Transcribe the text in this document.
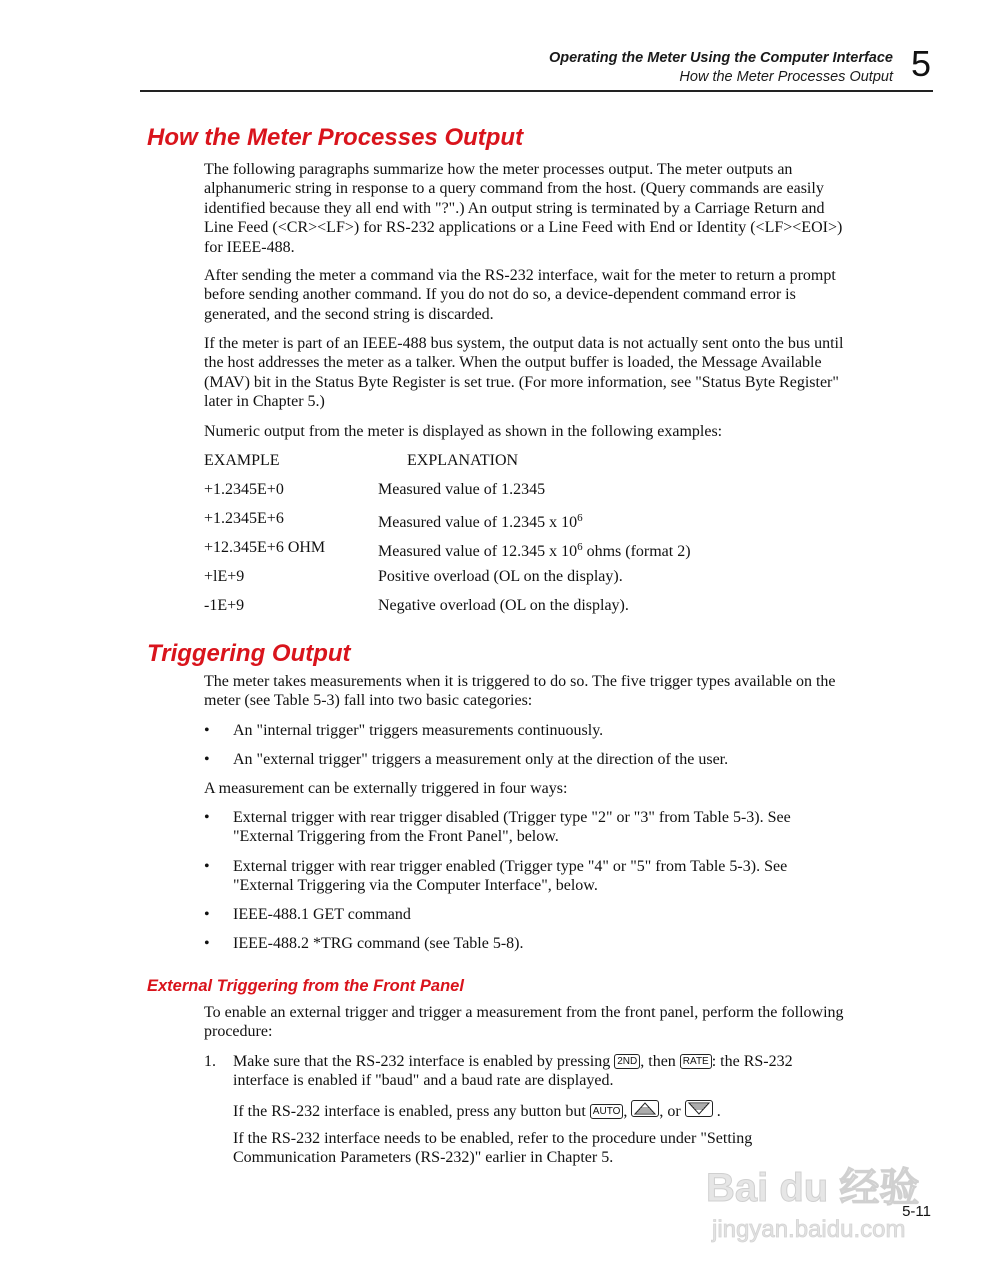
Operating the Meter Using the Computer Interface
How the Meter Processes Output 5
How the Meter Processes Output

The following paragraphs summarize how the meter processes output. The meter outputs an alphanumeric string in response to a query command from the host. (Query commands are easily identified because they all end with "?".) An output string is terminated by a Carriage Return and Line Feed (<CR><LF>) for RS-232 applications or a Line Feed with End or Identity (<LF><EOI>) for IEEE-488.

After sending the meter a command via the RS-232 interface, wait for the meter to return a prompt before sending another command. If you do not do so, a device-dependent command error is generated, and the second string is discarded.

If the meter is part of an IEEE-488 bus system, the output data is not actually sent onto the bus until the host addresses the meter as a talker. When the output buffer is loaded, the Message Available (MAV) bit in the Status Byte Register is set true. (For more information, see "Status Byte Register" later in Chapter 5.)

Numeric output from the meter is displayed as shown in the following examples:

EXAMPLE	EXPLANATION
+1.2345E+0	Measured value of 1.2345
+1.2345E+6	Measured value of 1.2345 x $10^6$
+12.345E+6 OHM	Measured value of 12.345 x $10^6$ ohms (format 2)
+lE+9	Positive overload (OL on the display).
-1E+9	Negative overload (OL on the display).
Triggering Output

The meter takes measurements when it is triggered to do so. The five trigger types available on the meter (see Table 5-3) fall into two basic categories:

• An "internal trigger" triggers measurements continuously.
• An "external trigger" triggers a measurement only at the direction of the user.

A measurement can be externally triggered in four ways:

• External trigger with rear trigger disabled (Trigger type "2" or "3" from Table 5-3). See "External Triggering from the Front Panel", below.
• External trigger with rear trigger enabled (Trigger type "4" or "5" from Table 5-3). See "External Triggering via the Computer Interface", below.
• IEEE-488.1 GET command
• IEEE-488.2 *TRG command (see Table 5-8).
External Triggering from the Front Panel

To enable an external trigger and trigger a measurement from the front panel, perform the following procedure:

1. Make sure that the RS-232 interface is enabled by pressing 2ND , then RATE : the RS-232 interface is enabled if "baud" and a baud rate are displayed.
If the RS-232 interface is enabled, press any button but AUTO ,
, or
.
If the RS-232 interface needs to be enabled, refer to the procedure under "Setting Communication Parameters (RS-232)" earlier in Chapter 5.
5-11
Bai du 经验
jingyan.baidu.com
